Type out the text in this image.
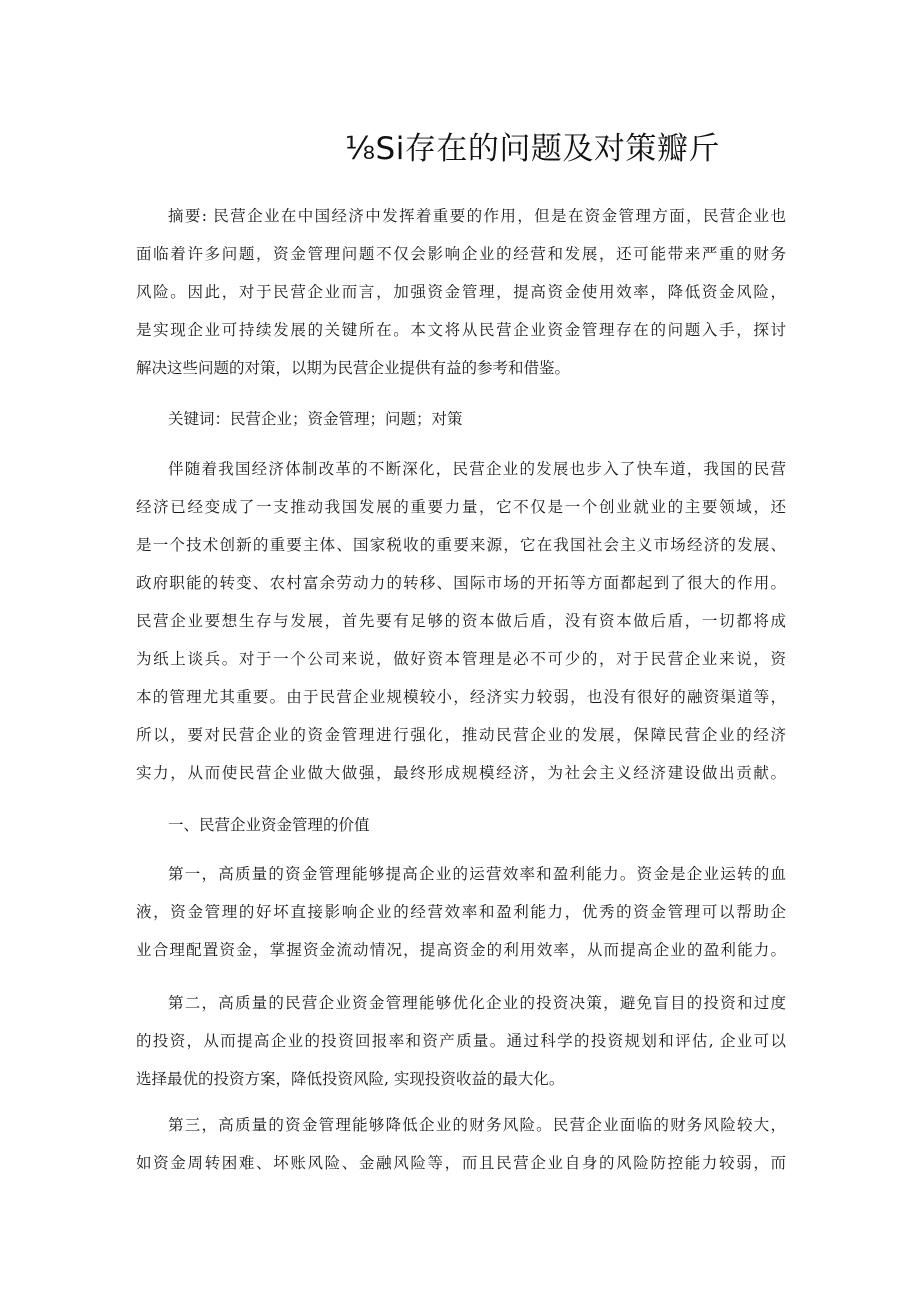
⅛Si存在的问题及对策瓣斤
摘要: 民营企业在中国经济中发挥着重要的作用，但是在资金管理方面，民营企业也
面临着许多问题，资金管理问题不仅会影响企业的经营和发展，还可能带来严重的财务
风险。因此，对于民营企业而言，加强资金管理，提高资金使用效率，降低资金风险，
是实现企业可持续发展的关键所在。本文将从民营企业资金管理存在的问题入手，探讨
解决这些问题的对策，以期为民营企业提供有益的参考和借鉴。
关键词：民营企业；资金管理；问题；对策
伴随着我国经济体制改革的不断深化，民营企业的发展也步入了快车道，我国的民营
经济已经变成了一支推动我国发展的重要力量，它不仅是一个创业就业的主要领域，还
是一个技术创新的重要主体、国家税收的重要来源，它在我国社会主义市场经济的发展、
政府职能的转变、农村富余劳动力的转移、国际市场的开拓等方面都起到了很大的作用。
民营企业要想生存与发展，首先要有足够的资本做后盾，没有资本做后盾，一切都将成
为纸上谈兵。对于一个公司来说，做好资本管理是必不可少的，对于民营企业来说，资
本的管理尤其重要。由于民营企业规模较小，经济实力较弱，也没有很好的融资渠道等，
所以，要对民营企业的资金管理进行强化，推动民营企业的发展，保障民营企业的经济
实力，从而使民营企业做大做强，最终形成规模经济，为社会主义经济建设做出贡献。
一、民营企业资金管理的价值
第一，高质量的资金管理能够提高企业的运营效率和盈利能力。资金是企业运转的血
液，资金管理的好坏直接影响企业的经营效率和盈利能力，优秀的资金管理可以帮助企
业合理配置资金，掌握资金流动情况，提高资金的利用效率，从而提高企业的盈利能力。
第二，高质量的民营企业资金管理能够优化企业的投资决策，避免盲目的投资和过度
的投资，从而提高企业的投资回报率和资产质量。通过科学的投资规划和评估, 企业可以
选择最优的投资方案，降低投资风险, 实现投资收益的最大化。
第三，高质量的资金管理能够降低企业的财务风险。民营企业面临的财务风险较大，
如资金周转困难、坏账风险、金融风险等，而且民营企业自身的风险防控能力较弱，而
